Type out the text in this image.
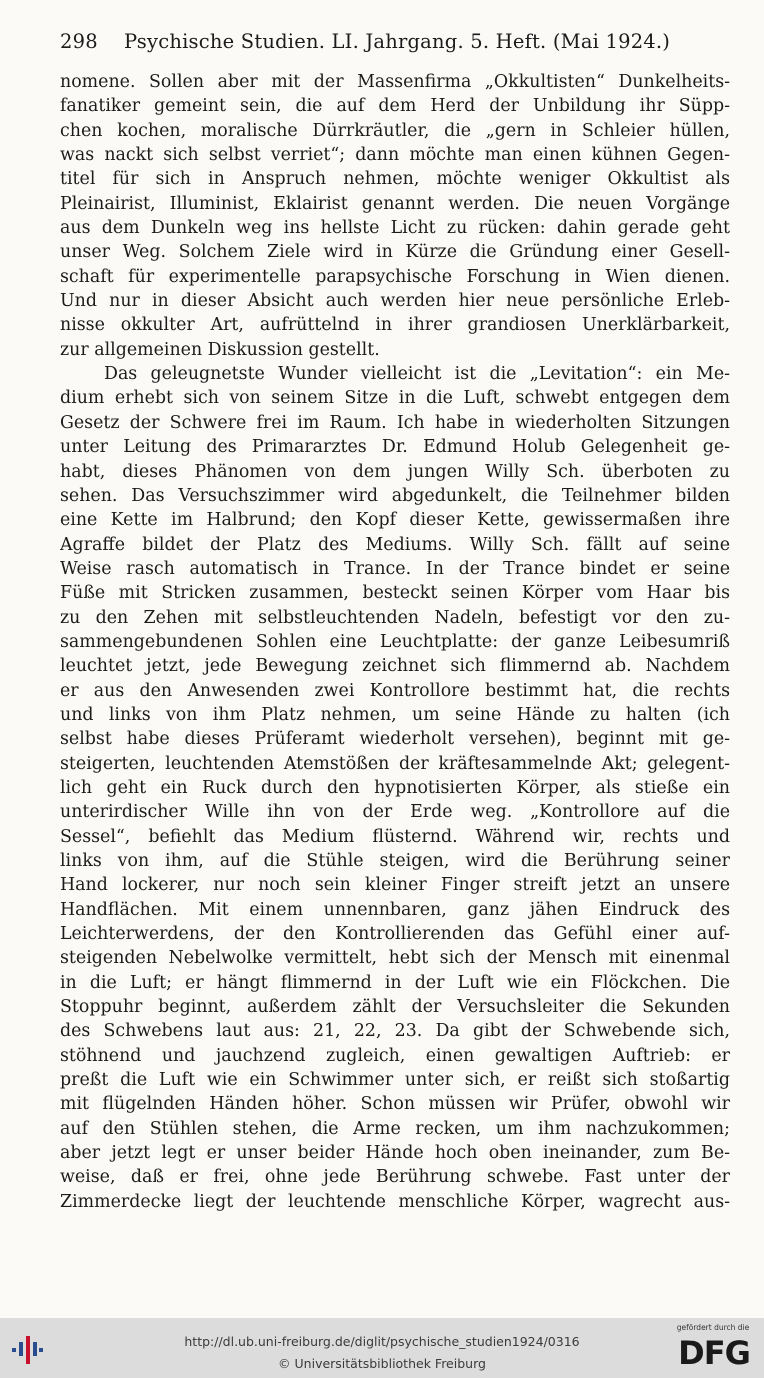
298 Psychische Studien. LI. Jahrgang. 5. Heft. (Mai 1924.)
nomene. Sollen aber mit der Massenfirma „Okkultisten“ Dunkelheits-
fanatiker gemeint sein, die auf dem Herd der Unbildung ihr Süpp-
chen kochen, moralische Dürrkräutler, die „gern in Schleier hüllen,
was nackt sich selbst verriet“; dann möchte man einen kühnen Gegen-
titel für sich in Anspruch nehmen, möchte weniger Okkultist als
Pleinairist, Illuminist, Eklairist genannt werden. Die neuen Vorgänge
aus dem Dunkeln weg ins hellste Licht zu rücken: dahin gerade geht
unser Weg. Solchem Ziele wird in Kürze die Gründung einer Gesell-
schaft für experimentelle parapsychische Forschung in Wien dienen.
Und nur in dieser Absicht auch werden hier neue persönliche Erleb-
nisse okkulter Art, aufrüttelnd in ihrer grandiosen Unerklärbarkeit,
zur allgemeinen Diskussion gestellt.
Das geleugnetste Wunder vielleicht ist die „Levitation“: ein Me-
dium erhebt sich von seinem Sitze in die Luft, schwebt entgegen dem
Gesetz der Schwere frei im Raum. Ich habe in wiederholten Sitzungen
unter Leitung des Primararztes Dr. Edmund Holub Gelegenheit ge-
habt, dieses Phänomen von dem jungen Willy Sch. überboten zu
sehen. Das Versuchszimmer wird abgedunkelt, die Teilnehmer bilden
eine Kette im Halbrund; den Kopf dieser Kette, gewissermaßen ihre
Agraffe bildet der Platz des Mediums. Willy Sch. fällt auf seine
Weise rasch automatisch in Trance. In der Trance bindet er seine
Füße mit Stricken zusammen, besteckt seinen Körper vom Haar bis
zu den Zehen mit selbstleuchtenden Nadeln, befestigt vor den zu-
sammengebundenen Sohlen eine Leuchtplatte: der ganze Leibesumriß
leuchtet jetzt, jede Bewegung zeichnet sich flimmernd ab. Nachdem
er aus den Anwesenden zwei Kontrollore bestimmt hat, die rechts
und links von ihm Platz nehmen, um seine Hände zu halten (ich
selbst habe dieses Prüferamt wiederholt versehen), beginnt mit ge-
steigerten, leuchtenden Atemstößen der kräftesammelnde Akt; gelegent-
lich geht ein Ruck durch den hypnotisierten Körper, als stieße ein
unterirdischer Wille ihn von der Erde weg. „Kontrollore auf die
Sessel“, befiehlt das Medium flüsternd. Während wir, rechts und
links von ihm, auf die Stühle steigen, wird die Berührung seiner
Hand lockerer, nur noch sein kleiner Finger streift jetzt an unsere
Handflächen. Mit einem unnennbaren, ganz jähen Eindruck des
Leichterwerdens, der den Kontrollierenden das Gefühl einer auf-
steigenden Nebelwolke vermittelt, hebt sich der Mensch mit einenmal
in die Luft; er hängt flimmernd in der Luft wie ein Flöckchen. Die
Stoppuhr beginnt, außerdem zählt der Versuchsleiter die Sekunden
des Schwebens laut aus: 21, 22, 23. Da gibt der Schwebende sich,
stöhnend und jauchzend zugleich, einen gewaltigen Auftrieb: er
preßt die Luft wie ein Schwimmer unter sich, er reißt sich stoßartig
mit flügelnden Händen höher. Schon müssen wir Prüfer, obwohl wir
auf den Stühlen stehen, die Arme recken, um ihm nachzukommen;
aber jetzt legt er unser beider Hände hoch oben ineinander, zum Be-
weise, daß er frei, ohne jede Berührung schwebe. Fast unter der
Zimmerdecke liegt der leuchtende menschliche Körper, wagrecht aus-
http://dl.ub.uni-freiburg.de/diglit/psychische_studien1924/0316
© Universitätsbibliothek Freiburg
gefördert durch die
DFG
